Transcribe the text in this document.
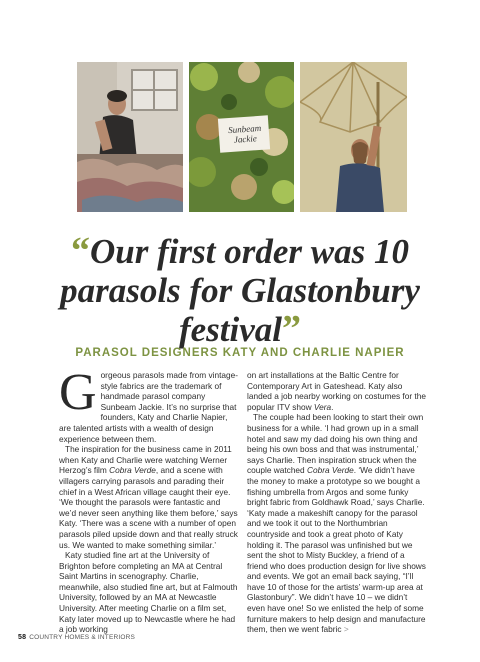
Sunbeam Jackie
“Our first order was 10 parasols for Glastonbury festival”
PARASOL DESIGNERS KATY AND CHARLIE NAPIER

Gorgeous parasols made from vintage-style fabrics are the trademark of handmade parasol company Sunbeam Jackie. It’s no surprise that founders, Katy and Charlie Napier, are talented artists with a wealth of design experience between them.

The inspiration for the business came in 2011 when Katy and Charlie were watching Werner Herzog’s film Cobra Verde, and a scene with villagers carrying parasols and parading their chief in a West African village caught their eye. ‘We thought the parasols were fantastic and we’d never seen anything like them before,’ says Katy. ‘There was a scene with a number of open parasols piled upside down and that really struck us. We wanted to make something similar.’

Katy studied fine art at the University of Brighton before completing an MA at Central Saint Martins in scenography. Charlie, meanwhile, also studied fine art, but at Falmouth University, followed by an MA at Newcastle University. After meeting Charlie on a film set, Katy later moved up to Newcastle where he had a job working

on art installations at the Baltic Centre for Contemporary Art in Gateshead. Katy also landed a job nearby working on costumes for the popular ITV show Vera.

The couple had been looking to start their own business for a while. ‘I had grown up in a small hotel and saw my dad doing his own thing and being his own boss and that was instrumental,’ says Charlie. Then inspiration struck when the couple watched Cobra Verde. ‘We didn’t have the money to make a prototype so we bought a fishing umbrella from Argos and some funky bright fabric from Goldhawk Road,’ says Charlie. ‘Katy made a makeshift canopy for the parasol and we took it out to the Northumbrian countryside and took a great photo of Katy holding it. The parasol was unfinished but we sent the shot to Misty Buckley, a friend of a friend who does production design for live shows and events. We got an email back saying, “I’ll have 10 of those for the artists’ warm-up area at Glastonbury”. We didn’t have 10 – we didn’t even have one! So we enlisted the help of some furniture makers to help design and manufacture them, then we went fabric >

58 COUNTRY HOMES & INTERIORS
